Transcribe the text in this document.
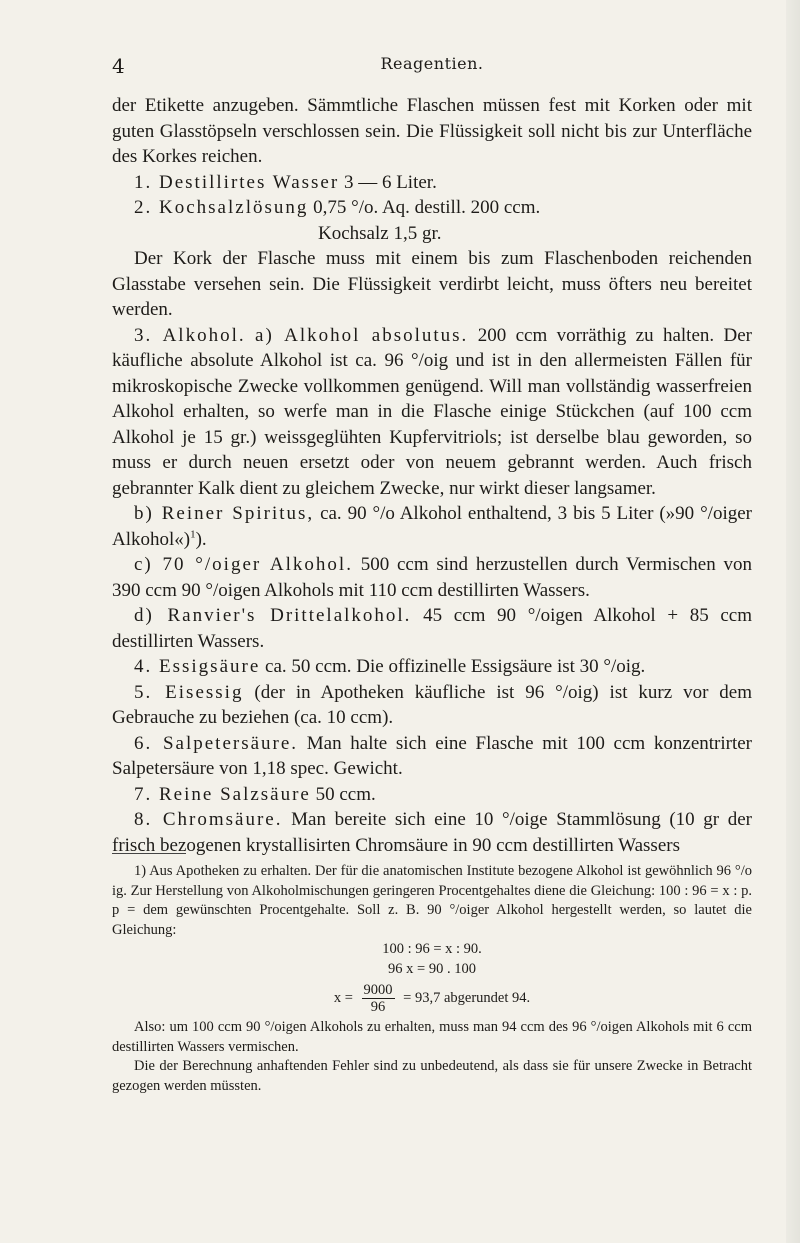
4	Reagentien.

der Etikette anzugeben. Sämmtliche Flaschen müssen fest mit Korken oder mit guten Glasstöpseln verschlossen sein. Die Flüssigkeit soll nicht bis zur Unterfläche des Korkes reichen.

1. Destillirtes Wasser 3 — 6 Liter.

2. Kochsalzlösung 0,75 °/o. Aq. destill. 200 ccm.

Kochsalz 1,5 gr.

Der Kork der Flasche muss mit einem bis zum Flaschenboden reichenden Glasstabe versehen sein. Die Flüssigkeit verdirbt leicht, muss öfters neu bereitet werden.

3. Alkohol. a) Alkohol absolutus. 200 ccm vorräthig zu halten. Der käufliche absolute Alkohol ist ca. 96 °/oig und ist in den allermeisten Fällen für mikroskopische Zwecke vollkommen genügend. Will man vollständig wasserfreien Alkohol erhalten, so werfe man in die Flasche einige Stückchen (auf 100 ccm Alkohol je 15 gr.) weissgeglühten Kupfervitriols; ist derselbe blau geworden, so muss er durch neuen ersetzt oder von neuem gebrannt werden. Auch frisch gebrannter Kalk dient zu gleichem Zwecke, nur wirkt dieser langsamer.

b) Reiner Spiritus, ca. 90 °/o Alkohol enthaltend, 3 bis 5 Liter (»90 °/oiger Alkohol«)$^1$).

c) 70 °/oiger Alkohol. 500 ccm sind herzustellen durch Vermischen von 390 ccm 90 °/oigen Alkohols mit 110 ccm destillirten Wassers.

d) Ranvier's Drittelalkohol. 45 ccm 90 °/oigen Alkohol + 85 ccm destillirten Wassers.

4. Essigsäure ca. 50 ccm. Die offizinelle Essigsäure ist 30 °/oig.

5. Eisessig (der in Apotheken käufliche ist 96 °/oig) ist kurz vor dem Gebrauche zu beziehen (ca. 10 ccm).

6. Salpetersäure. Man halte sich eine Flasche mit 100 ccm konzentrirter Salpetersäure von 1,18 spec. Gewicht.

7. Reine Salzsäure 50 ccm.

8. Chromsäure. Man bereite sich eine 10 °/oige Stammlösung (10 gr der frisch bezogenen krystallisirten Chromsäure in 90 ccm destillirten Wassers

1) Aus Apotheken zu erhalten. Der für die anatomischen Institute bezogene Alkohol ist gewöhnlich 96 °/o ig. Zur Herstellung von Alkoholmischungen geringeren Procentgehaltes diene die Gleichung: 100 : 96 = x : p. p = dem gewünschten Procentgehalte. Soll z. B. 90 °/oiger Alkohol hergestellt werden, so lautet die Gleichung:

100 : 96 = x : 90.

96 x = 90 . 100

$x = \frac{9000}{96} = 93,7$ abgerundet 94.

Also: um 100 ccm 90 °/oigen Alkohols zu erhalten, muss man 94 ccm des 96 °/oigen Alkohols mit 6 ccm destillirten Wassers vermischen.

Die der Berechnung anhaftenden Fehler sind zu unbedeutend, als dass sie für unsere Zwecke in Betracht gezogen werden müssten.
